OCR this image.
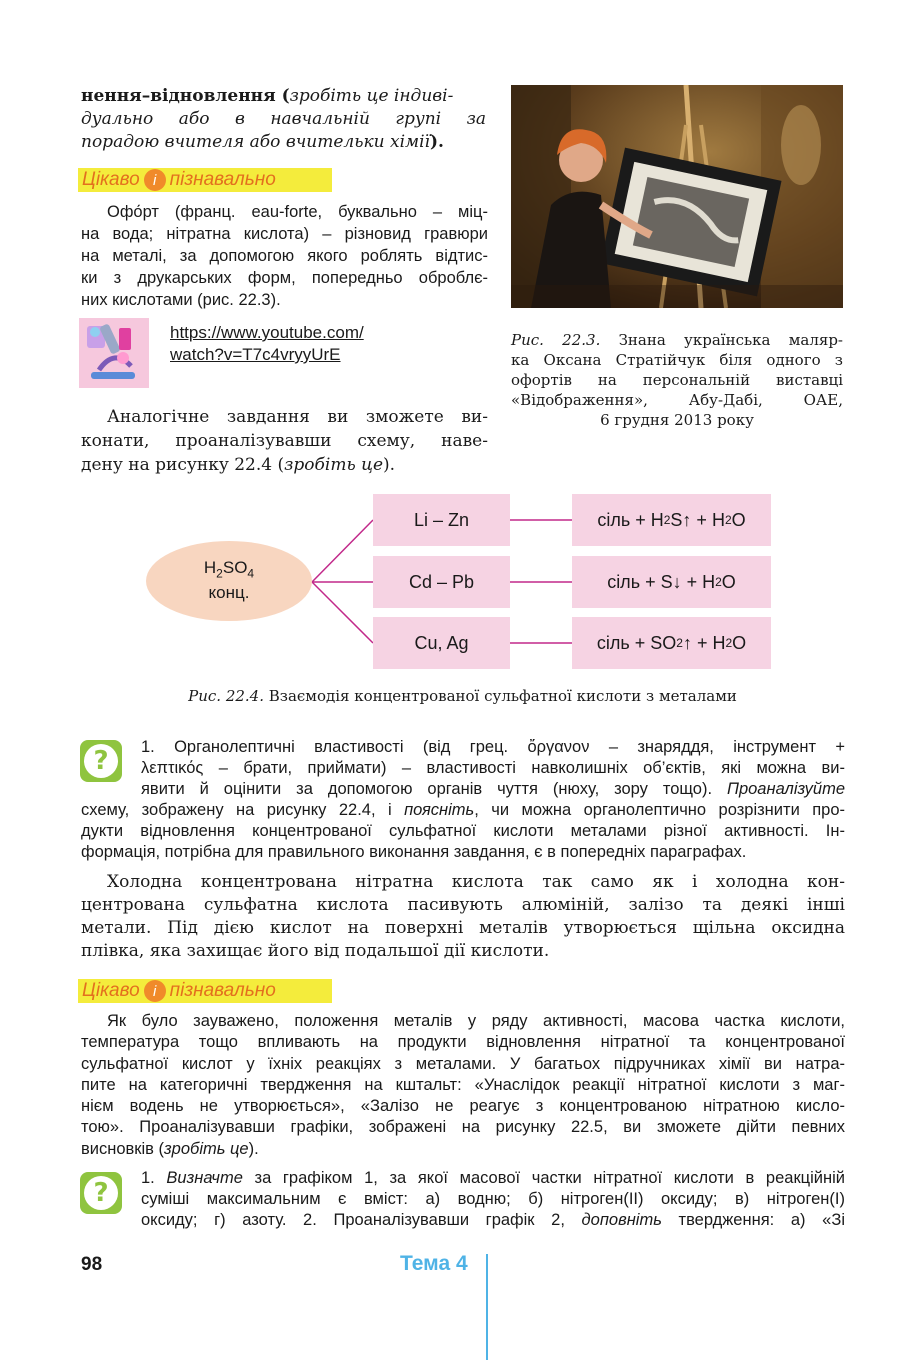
нення–відновлення (зробіть це індиві-
дуально або в навчальній групі за
порадою вчителя або вчительки хімії).
Цікаво і пізнавально
Офо́рт (франц. eau-forte, буквально – міц-
на вода; нітратна кислота) – різновид гравюри
на металі, за допомогою якого роблять відтис-
ки з друкарських форм, попередньо оброблє-
них кислотами (рис. 22.3).
https://www.youtube.com/
watch?v=T7c4vryyUrE
Аналогічне завдання ви зможете ви-
конати, проаналізувавши схему, наве-
дену на рисунку 22.4 (зробіть це).
Рис. 22.3. Знана українська маляр-
ка Оксана Стратійчук біля одного з
офортів на персональній виставці
«Відображення», Абу-Дабі, ОАЕ,
6 грудня 2013 року
$H_2SO_4$
конц.
Li – Zn
Cd – Pb
Cu, Ag
сіль + H 2 S↑ + H 2 O
сіль + S↓ + H 2 O
сіль + SO 2 ↑ + H 2 O
Рис. 22.4. Взаємодія концентрованої сульфатної кислоти з металами
?	1. Органолептичні властивості (від грец. ὄργανον – знаряддя, інструмент +
λεπτικός – брати, приймати) – властивості навколишніх об’єктів, які можна ви-
явити й оцінити за допомогою органів чуття (нюху, зору тощо). Проаналізуйте
схему, зображену на рисунку 22.4, і поясніть, чи можна органолептично розрізнити про-
дукти відновлення концентрованої сульфатної кислоти металами різної активності. Ін-
формація, потрібна для правильного виконання завдання, є в попередніх параграфах.
Холодна концентрована нітратна кислота так само як і холодна кон-
центрована сульфатна кислота пасивують алюміній, залізо та деякі інші
метали. Під дією кислот на поверхні металів утворюється щільна оксидна
плівка, яка захищає його від подальшої дії кислоти.
Цікаво і пізнавально
Як було зауважено, положення металів у ряду активності, масова частка кислоти,
температура тощо впливають на продукти відновлення нітратної та концентрованої
сульфатної кислот у їхніх реакціях з металами. У багатьох підручниках хімії ви натра-
пите на категоричні твердження на кштальт: «Унаслідок реакції нітратної кислоти з маг-
нієм водень не утворюється», «Залізо не реагує з концентрованою нітратною кисло-
тою». Проаналізувавши графіки, зображені на рисунку 22.5, ви зможете дійти певних
висновків (зробіть це).
?	1. Визначте за графіком 1, за якої масової частки нітратної кислоти в реакційній
суміші максимальним є вміст: а) водню; б) нітроген(II) оксиду; в) нітроген(I)
оксиду; г) азоту. 2. Проаналізувавши графік 2, доповніть твердження: а) «Зі
98	Тема 4
